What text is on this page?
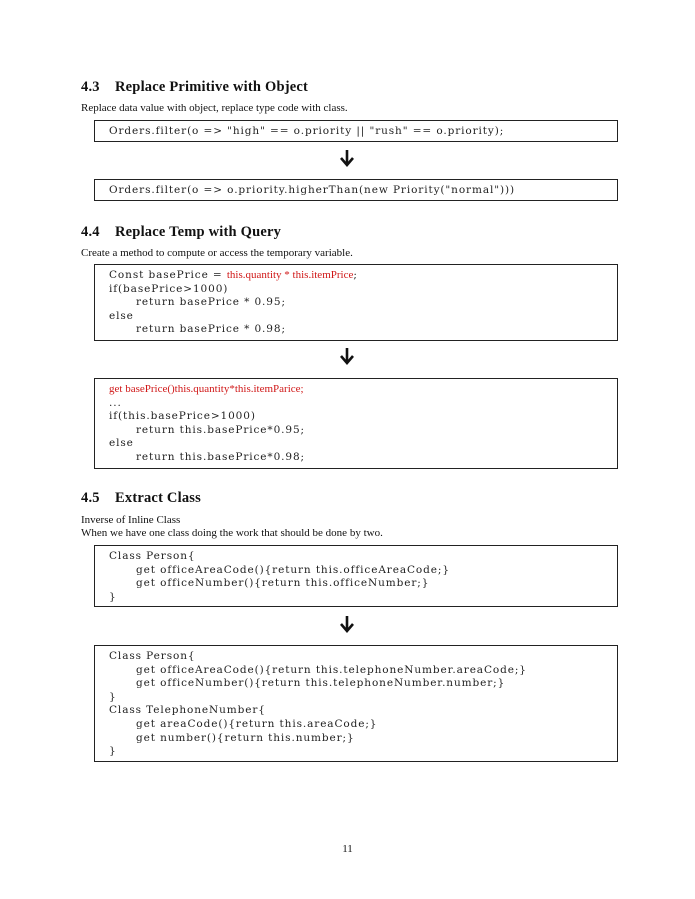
4.3 Replace Primitive with Object
Replace data value with object, replace type code with class.
Orders.filter(o => "high" == o.priority || "rush" == o.priority);
Orders.filter(o => o.priority.higherThan(new Priority("normal")))
4.4 Replace Temp with Query
Create a method to compute or access the temporary variable.
Const basePrice = this.quantity * this.itemPrice;
if(basePrice>1000)
return basePrice * 0.95;
else
return basePrice * 0.98;
get basePrice()this.quantity*this.itemParice;
...
if(this.basePrice>1000)
return this.basePrice*0.95;
else
return this.basePrice*0.98;
4.5 Extract Class
Inverse of Inline Class
When we have one class doing the work that should be done by two.
Class Person{
get officeAreaCode(){return this.officeAreaCode;}
get officeNumber(){return this.officeNumber;}
}
Class Person{
get officeAreaCode(){return this.telephoneNumber.areaCode;}
get officeNumber(){return this.telephoneNumber.number;}
}
Class TelephoneNumber{
get areaCode(){return this.areaCode;}
get number(){return this.number;}
}
11
